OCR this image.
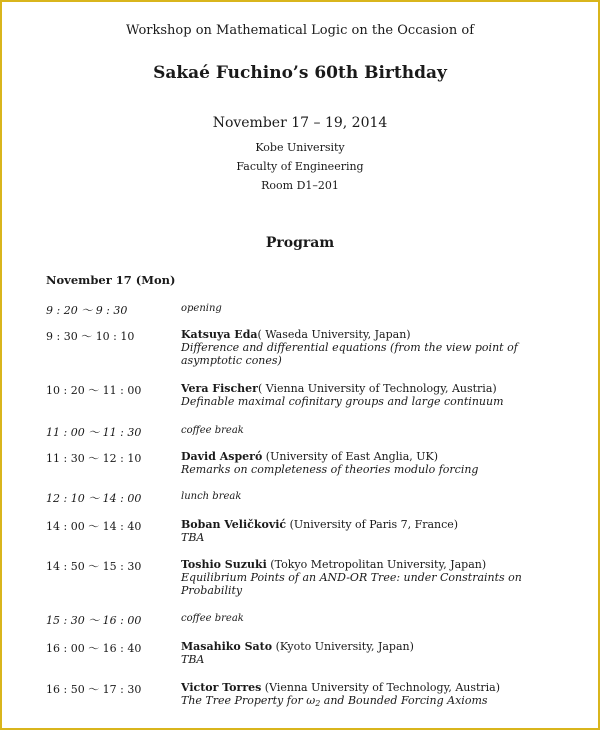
Workshop on Mathematical Logic on the Occasion of
Sakaé Fuchino’s 60th Birthday
November 17 – 19, 2014
Kobe University
Faculty of Engineering
Room D1–201
Program
November 17 (Mon)
9 : 20 〜 9 : 30	opening
9 : 30 〜 10 : 10	Katsuya Eda( Waseda University, Japan)
Difference and differential equations (from the view point of asymptotic cones)
10 : 20 〜 11 : 00	Vera Fischer( Vienna University of Technology, Austria)
Definable maximal cofinitary groups and large continuum
11 : 00 〜 11 : 30	coffee break
11 : 30 〜 12 : 10	David Asperó (University of East Anglia, UK)
Remarks on completeness of theories modulo forcing
12 : 10 〜 14 : 00	lunch break
14 : 00 〜 14 : 40	Boban Veličković (University of Paris 7, France)
TBA
14 : 50 〜 15 : 30	Toshio Suzuki (Tokyo Metropolitan University, Japan)
Equilibrium Points of an AND-OR Tree: under Constraints on Probability
15 : 30 〜 16 : 00	coffee break
16 : 00 〜 16 : 40	Masahiko Sato (Kyoto University, Japan)
TBA
16 : 50 〜 17 : 30	Victor Torres (Vienna University of Technology, Austria)
The Tree Property for ω2 and Bounded Forcing Axioms
